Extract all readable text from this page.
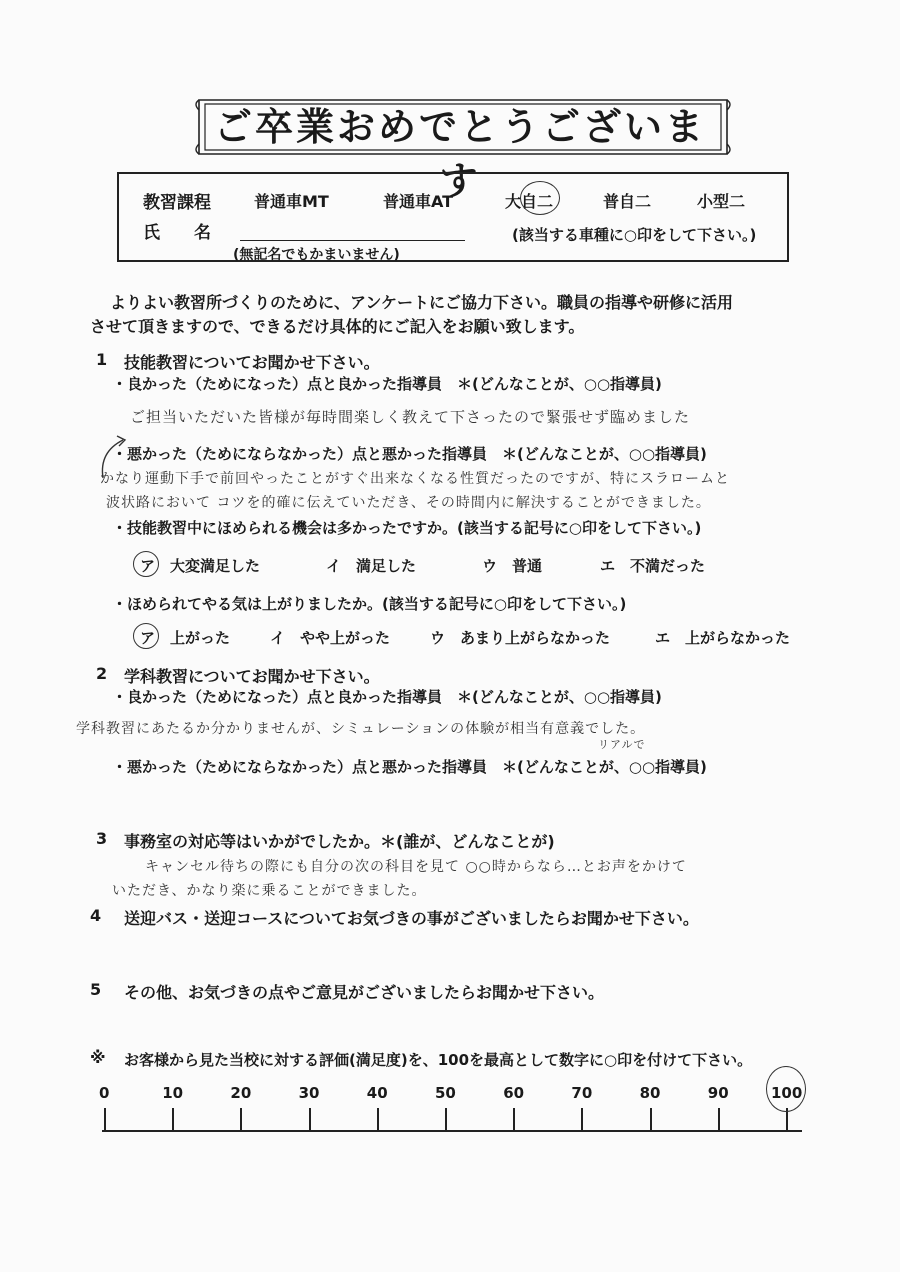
ご卒業おめでとうございます
教習課程	普通車MT	普通車AT	大自二	普自二	小型二
氏　　名
(無記名でもかまいません)
(該当する車種に○印をして下さい。)
よりよい教習所づくりのために、アンケートにご協力下さい。職員の指導や研修に活用
させて頂きますので、できるだけ具体的にご記入をお願い致します。
1 技能教習についてお聞かせ下さい。
・良かった（ためになった）点と良かった指導員　＊(どんなことが、○○指導員)
ご担当いただいた皆様が毎時間楽しく教えて下さったので緊張せず臨めました
・悪かった（ためにならなかった）点と悪かった指導員　＊(どんなことが、○○指導員)
かなり運動下手で前回やったことがすぐ出来なくなる性質だったのですが、特にスラロームと
波状路において コツを的確に伝えていただき、その時間内に解決することができました。
・技能教習中にほめられる機会は多かったですか。(該当する記号に○印をして下さい。)
ア　大変満足した	イ　満足した	ウ　普通	エ　不満だった
・ほめられてやる気は上がりましたか。(該当する記号に○印をして下さい。)
ア　上がった	イ　やや上がった	ウ　あまり上がらなかった	エ　上がらなかった
2 学科教習についてお聞かせ下さい。
・良かった（ためになった）点と良かった指導員　＊(どんなことが、○○指導員)
学科教習にあたるか分かりませんが、シミュレーションの体験が相当有意義でした。
リアルで
・悪かった（ためにならなかった）点と悪かった指導員　＊(どんなことが、○○指導員)
3 事務室の対応等はいかがでしたか。＊(誰が、どんなことが)
キャンセル待ちの際にも自分の次の科目を見て ○○時からなら…とお声をかけて
いただき、かなり楽に乗ることができました。
4 送迎バス・送迎コースについてお気づきの事がございましたらお聞かせ下さい。
5 その他、お気づきの点やご意見がございましたらお聞かせ下さい。
※ お客様から見た当校に対する評価(満足度)を、100を最高として数字に○印を付けて下さい。
0	10	20	30	40	50	60	70	80	90	100
